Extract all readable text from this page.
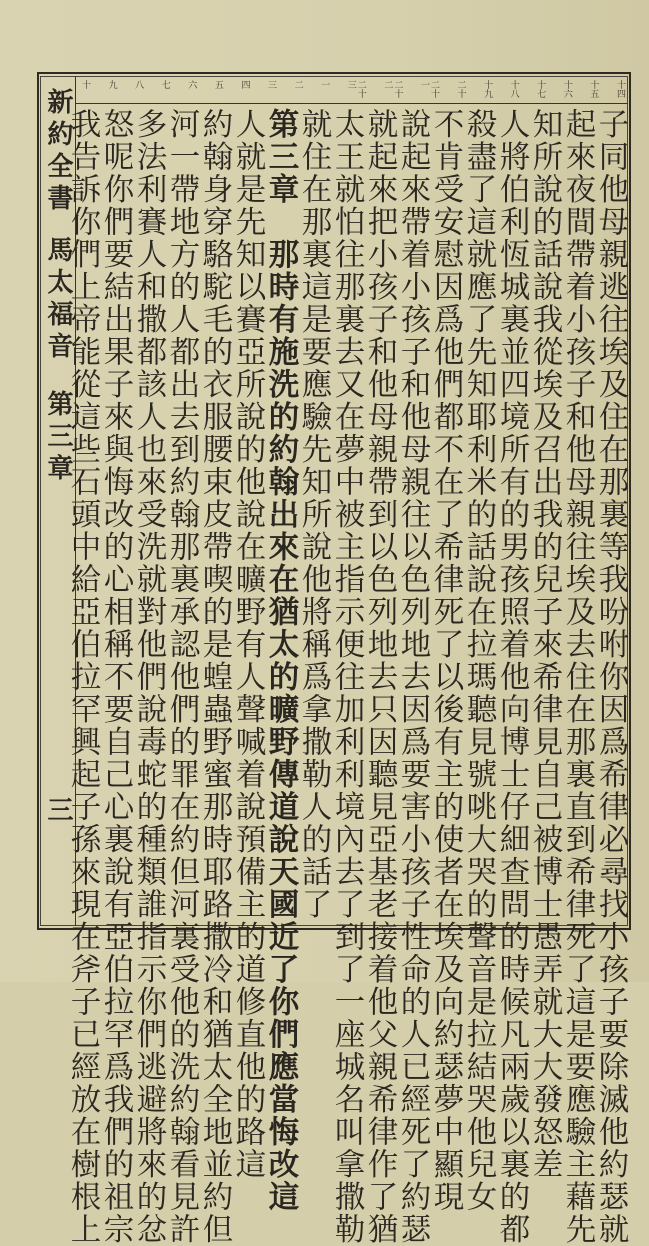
新約全書
馬太福音
第三章
三
十四
十五
十六
十七
十八
十九
二十
二十一
二十二
二十三
一
二
三
四
五
六
七
八
九
十
子同他母親逃往埃及住在那裏等我吩咐你因爲希律必尋找小孩子要除滅他約瑟就
起來夜間帶着小孩子和他母親往埃及去住在那裏直到希律死了這是要應驗主藉先
知所說的話說我從埃及召出我的兒子來希律見自己被博士愚弄就大大發怒差
人將伯利恆城裏並四境所有的男孩照着他向博士仔細查問的時候凡兩歲以裏的都
殺盡了這就應了先知耶利米的話說在拉瑪聽見號咷大哭的聲音是拉結哭他兒女
不肯受安慰因爲他們都不在了希律死了以後有主的使者在埃及向約瑟夢中顯現
說起來帶着小孩子和他母親往以色列地去因爲要害小孩子性命的人已經死了約瑟
就起來把小孩子和他母親帶到以色列地去只因聽見亞基老接着他父親希律作了猶
太王就怕往那裏去又在夢中被主指示便往加利利境內去了到了一座城名叫拿撒勒
就住在那裏這是要應驗先知所說他將稱爲拿撒勒人的話了
第三章　那時有施洗的約翰出來在猶太的曠野傳道說天國近了你們應當悔改這
人就是先知以賽亞所說的他說在曠野有人聲喊着說預備主的道修直他的路這
約翰身穿駱駝毛的衣服腰束皮帶喫的是蝗蟲野蜜那時耶路撒冷和猶太全地並約但
河一帶地方的人都出去到約翰那裏承認他們的罪在約但河裏受他的洗約翰看見許
多法利賽人和撒都該人也來受洗就對他們說毒蛇的種類誰指示你們逃避將來的忿
怒呢你們要結出果子來與悔改的心相稱不要自己心裏說有亞伯拉罕爲我們的祖宗
我告訴你們上帝能從這些石頭中給亞伯拉罕興起子孫來現在斧子已經放在樹根上
